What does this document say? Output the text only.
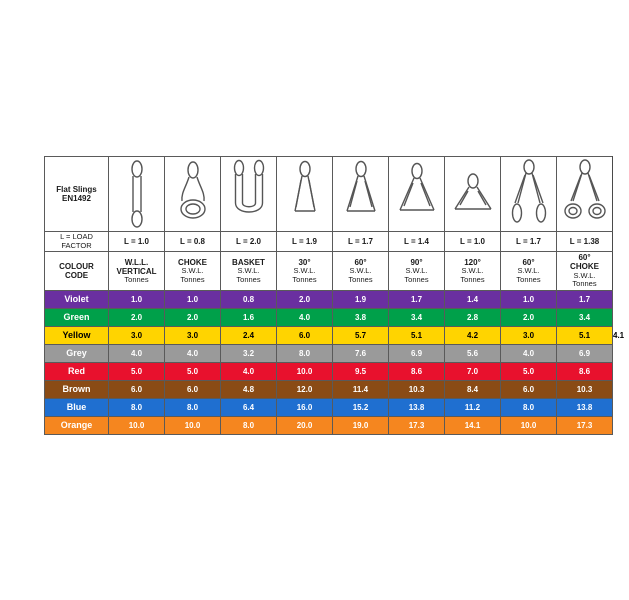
Flat Slings
EN1492

L = LOAD FACTOR	L = 1.0	L = 0.8	L = 2.0	L = 1.9	L = 1.7	L = 1.4	L = 1.0	L = 1.7	L = 1.38	
COLOUR
CODE	W.L.L.
VERTICAL
Tonnes	CHOKE
S.W.L.
Tonnes	BASKET
S.W.L.
Tonnes	30°
S.W.L.
Tonnes	60°
S.W.L.
Tonnes	90°
S.W.L.
Tonnes	120°
S.W.L.
Tonnes	60°
S.W.L.
Tonnes	60°
CHOKE
S.W.L.
Tonnes	

Violet	1.0	1.0	0.8	2.0	1.9	1.7	1.4	1.0	1.7	1.3
Green	2.0	2.0	1.6	4.0	3.8	3.4	2.8	2.0	3.4	2.7
Yellow	3.0	3.0	2.4	6.0	5.7	5.1	4.2	3.0	5.1	4.1
Grey	4.0	4.0	3.2	8.0	7.6	6.9	5.6	4.0	6.9	5.5
Red	5.0	5.0	4.0	10.0	9.5	8.6	7.0	5.0	8.6	6.9
Brown	6.0	6.0	4.8	12.0	11.4	10.3	8.4	6.0	10.3	8.2
Blue	8.0	8.0	6.4	16.0	15.2	13.8	11.2	8.0	13.8	11.0
Orange	10.0	10.0	8.0	20.0	19.0	17.3	14.1	10.0	17.3	13.8
